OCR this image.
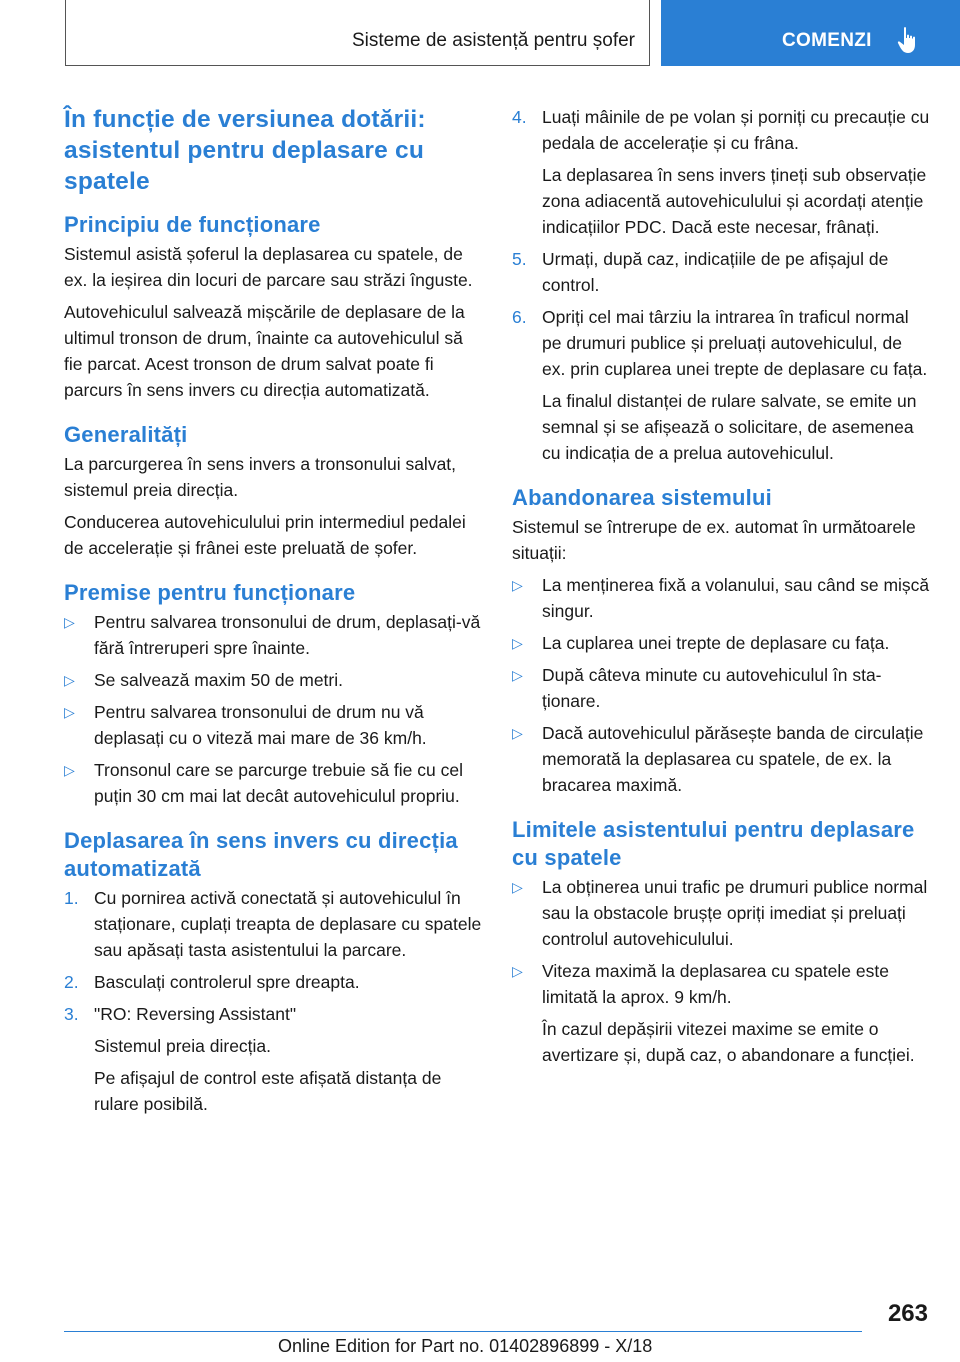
Sisteme de asistență pentru șofer	COMENZI
În funcție de versiunea dotării: asistentul pentru deplasare cu spatele
Principiu de funcționare

Sistemul asistă șoferul la deplasarea cu spatele, de ex. la ieșirea din locuri de parcare sau străzi înguste.

Autovehiculul salvează mișcările de deplasare de la ultimul tronson de drum, înainte ca autovehiculul să fie parcat. Acest tronson de drum salvat poate fi parcurs în sens invers cu direcția automatizată.

Generalități

La parcurgerea în sens invers a tronsonului salvat, sistemul preia direcția.

Conducerea autovehiculului prin intermediul pedalei de accelerație și frânei este preluată de șofer.

Premise pentru funcționare
▷ Pentru salvarea tronsonului de drum, deplasați-vă fără întreruperi spre înainte.
▷ Se salvează maxim 50 de metri.
▷ Pentru salvarea tronsonului de drum nu vă deplasați cu o viteză mai mare de 36 km/h.
▷ Tronsonul care se parcurge trebuie să fie cu cel puțin 30 cm mai lat decât autovehiculul propriu.
Deplasarea în sens invers cu direcția automatizată
1. Cu pornirea activă conectată și autovehiculul în staționare, cuplați treapta de deplasare cu spatele sau apăsați tasta asistentului la parcare.
2. Basculați controlerul spre dreapta.
3. "RO: Reversing Assistant"
Sistemul preia direcția.
Pe afișajul de control este afișată distanța de rulare posibilă.
4. Luați mâinile de pe volan și porniți cu precauție cu pedala de accelerație și cu frâna.
La deplasarea în sens invers țineți sub observație zona adiacentă autovehiculului și acordați atenție indicațiilor PDC. Dacă este necesar, frânați.
5. Urmați, după caz, indicațiile de pe afișajul de control.
6. Opriți cel mai târziu la intrarea în traficul normal pe drumuri publice și preluați autovehiculul, de ex. prin cuplarea unei trepte de deplasare cu fața.
La finalul distanței de rulare salvate, se emite un semnal și se afișează o solicitare, de asemenea cu indicația de a prelua autovehiculul.
Abandonarea sistemului

Sistemul se întrerupe de ex. automat în următoarele situații:

▷ La menținerea fixă a volanului, sau când se mișcă singur.
▷ La cuplarea unei trepte de deplasare cu fața.
▷ După câteva minute cu autovehiculul în staționare.
▷ Dacă autovehiculul părăsește banda de circulație memorată la deplasarea cu spatele, de ex. la bracarea maximă.
Limitele asistentului pentru deplasare cu spatele
▷ La obținerea unui trafic pe drumuri publice normal sau la obstacole brușțe opriți imediat și preluați controlul autovehiculului.
▷ Viteza maximă la deplasarea cu spatele este limitată la aprox. 9 km/h.
În cazul depășirii vitezei maxime se emite o avertizare și, după caz, o abandonare a funcției.
263
Online Edition for Part no. 01402896899 - X/18
